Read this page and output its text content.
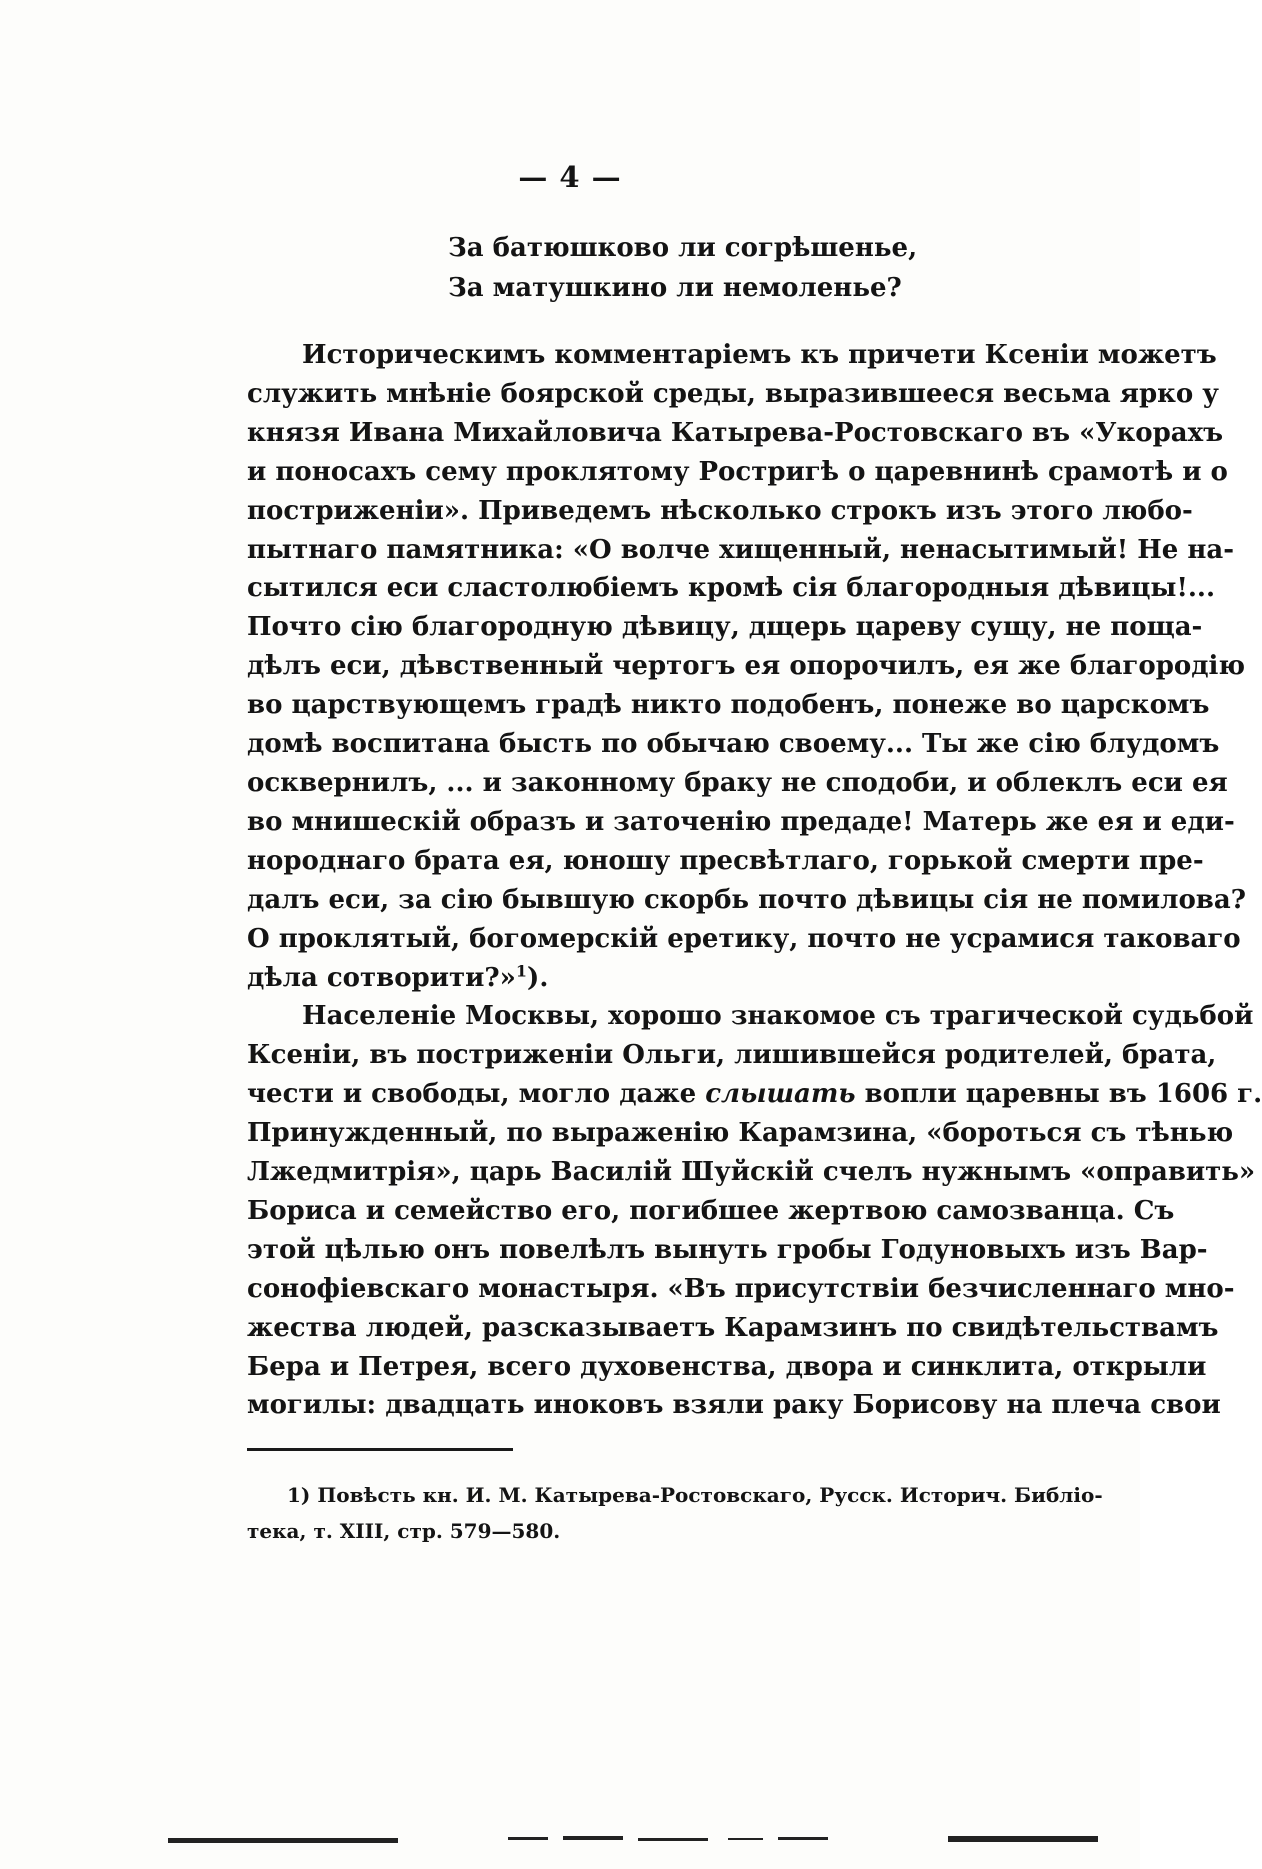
— 4 —
За батюшково ли согрѣшенье,
За матушкино ли немоленье?
Историческимъ комментаріемъ къ причети Ксеніи можетъ
служить мнѣніе боярской среды, выразившееся весьма ярко у
князя Ивана Михайловича Катырева-Ростовскаго въ «Укорахъ
и поносахъ сему проклятому Ростригѣ о царевнинѣ срамотѣ и о
постриженіи». Приведемъ нѣсколько строкъ изъ этого любо-
пытнаго памятника: «О волче хищенный, ненасытимый! Не на-
сытился еси сластолюбіемъ кромѣ сія благородныя дѣвицы!...
Почто сію благородную дѣвицу, дщерь цареву сущу, не пощa-
дѣлъ еси, дѣвственный чертогъ ея опорочилъ, ея же благородію
во царствующемъ градѣ никто подобенъ, понеже во царскомъ
домѣ воспитана бысть по обычаю своему... Ты же сію блудомъ
осквернилъ, ... и законному браку не сподоби, и облеклъ еси ея
во мнишескій образъ и заточенію предаде! Матерь же ея и еди-
нороднаго брата ея, юношу пресвѣтлаго, горькой смерти пре-
далъ еси, за сію бывшую скорбь почто дѣвицы сія не помилова?
О проклятый, богомерскій еретику, почто не усрамися таковаго
дѣла сотворити?»$^1$).
Населеніе Москвы, хорошо знакомое съ трагической судьбой
Ксеніи, въ постриженіи Ольги, лишившейся родителей, брата,
чести и свободы, могло даже слышать вопли царевны въ 1606 г.
Принужденный, по выраженію Карамзина, «бороться съ тѣнью
Лжедмитрія», царь Василій Шуйскій счелъ нужнымъ «оправить»
Бориса и семейство его, погибшее жертвою самозванца. Съ
этой цѣлью онъ повелѣлъ вынуть гробы Годуновыхъ изъ Вар-
сонофіевскаго монастыря. «Въ присутствіи безчисленнаго мно-
жества людей, разсказываетъ Карамзинъ по свидѣтельствамъ
Бера и Петрея, всего духовенства, двора и синклита, открыли
могилы: двадцать иноковъ взяли раку Борисову на плеча свои
1) Повѣсть кн. И. М. Катырева-Ростовскаго, Русск. Историч. Библіо-
тека, т. XIII, стр. 579—580.
